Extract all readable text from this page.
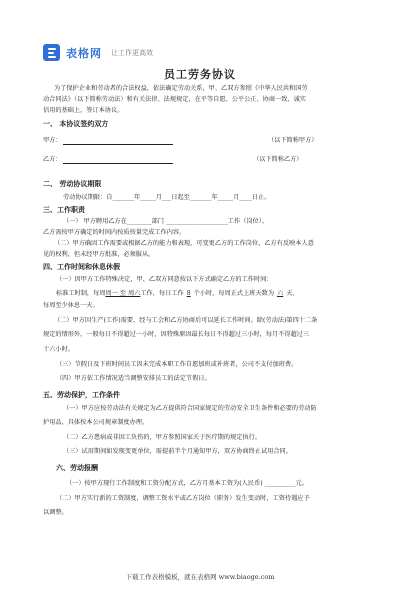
表格网 让工作更高效
员工劳务协议
为了保护企业和劳动者的合法权益，依法确定劳动关系，甲、乙双方参照《中华人民共和国劳
动合同法》（以下简称劳动法）和有关法律、法规规定，在平等自愿、公平公正、协商一致、诚实
信用的基础上，签订本协议。
一、 本协议签约双方
甲方：	（以下简称甲方）
乙方：	（以下简称乙方）
二、 劳动协议期限
劳动协议期限：自_______年_____月___日起至_______年_____月____日止。
三、工作职责
（一） 甲方聘用乙方在________部门 ____________________工作（岗位）。
乙方需按甲方确定的时间内按质按量完成工作内容。
（二）甲方确因工作需要或根据乙方的能力和表现，可变更乙方的工作岗位，乙方有反映本人意
见的权利，但未经甲方批准，必须服从。
四、工作时间和休息休假
（一）因甲方工作特殊决定，甲、乙双方同意按以下方式确定乙方的工作时间：
标准工时制，每周周一 至 周六工作，每日工作 8 个小时，每周正式上班天数为 六 天，
每周至少休息一天。
（二）甲方因生产(工作)需要，经与工会和乙方协商后可以延长工作时间。除(劳动法)第四十二条
规定的情形外，一般每日不得超过一小时，因特殊原因最长每日不得超过三小时，每月不得超过三
十六小时。
（三）节假日及下班时间员工因未完成本职工作自愿加班或补班者，公司不支付加班费。
（四）甲方依工作情况适当调整安排员工的法定节假日。
五、劳动保护，工作条件
（一）甲方应按劳动法有关规定为乙方提供符合国家规定的劳动安全卫生条件和必要的劳动防
护用品，具体按本公司规章制度办理。
（二）乙方患病或非因工负伤的，甲方参照国家关于医疗期的规定执行。
（三）试用期间如发现变更单位，需提前半个月通知甲方，双方协商终止试用合同。
六、劳动报酬
（一）按甲方现行工作制度和工资分配方式，乙方月基本工资为(人民币) __________元。
（二）甲方实行新的工资制度，调整工资水平或乙方岗位（职务）发生变动时，工资待遇应予
以调整。
下载工作表格模板，就在表格网 www.biaoge.com
